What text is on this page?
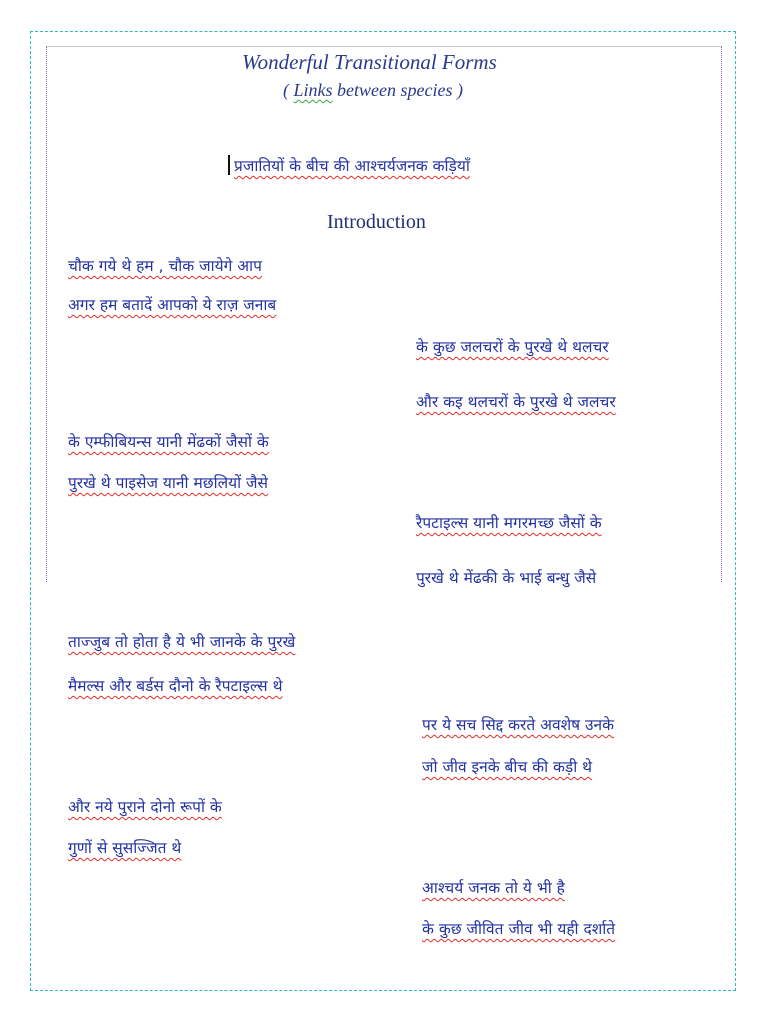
Wonderful Transitional Forms
( Links between species )
प्रजातियों के बीच की आश्चर्यजनक कड़ियाँ
Introduction
चौक गये थे हम , चौक जायेगे आप
अगर हम बतादें आपको ये राज़ जनाब
के कुछ जलचरों के पुरखे थे थलचर
और कइ थलचरों के पुरखे थे जलचर
के एम्फीबियन्स यानी मेंढकों जैसों के
पुरखे थे पाइसेज यानी मछलियों जैसे
रैपटाइल्स यानी मगरमच्छ जैसों के
पुरखे थे मेंढकी के भाई बन्धु जैसे
ताज्जुब तो होता है ये भी जानके के पुरखे
मैमल्स और बर्डस दौनो के रैपटाइल्स थे
पर ये सच सिद्द करते अवशेष उनके
जो जीव इनके बीच की कड़ी थे
और नये पुराने दोनो रूपों के
गुणों से सुसज्जित थे
आश्चर्य जनक तो ये भी है
के कुछ जीवित जीव भी यही दर्शाते
